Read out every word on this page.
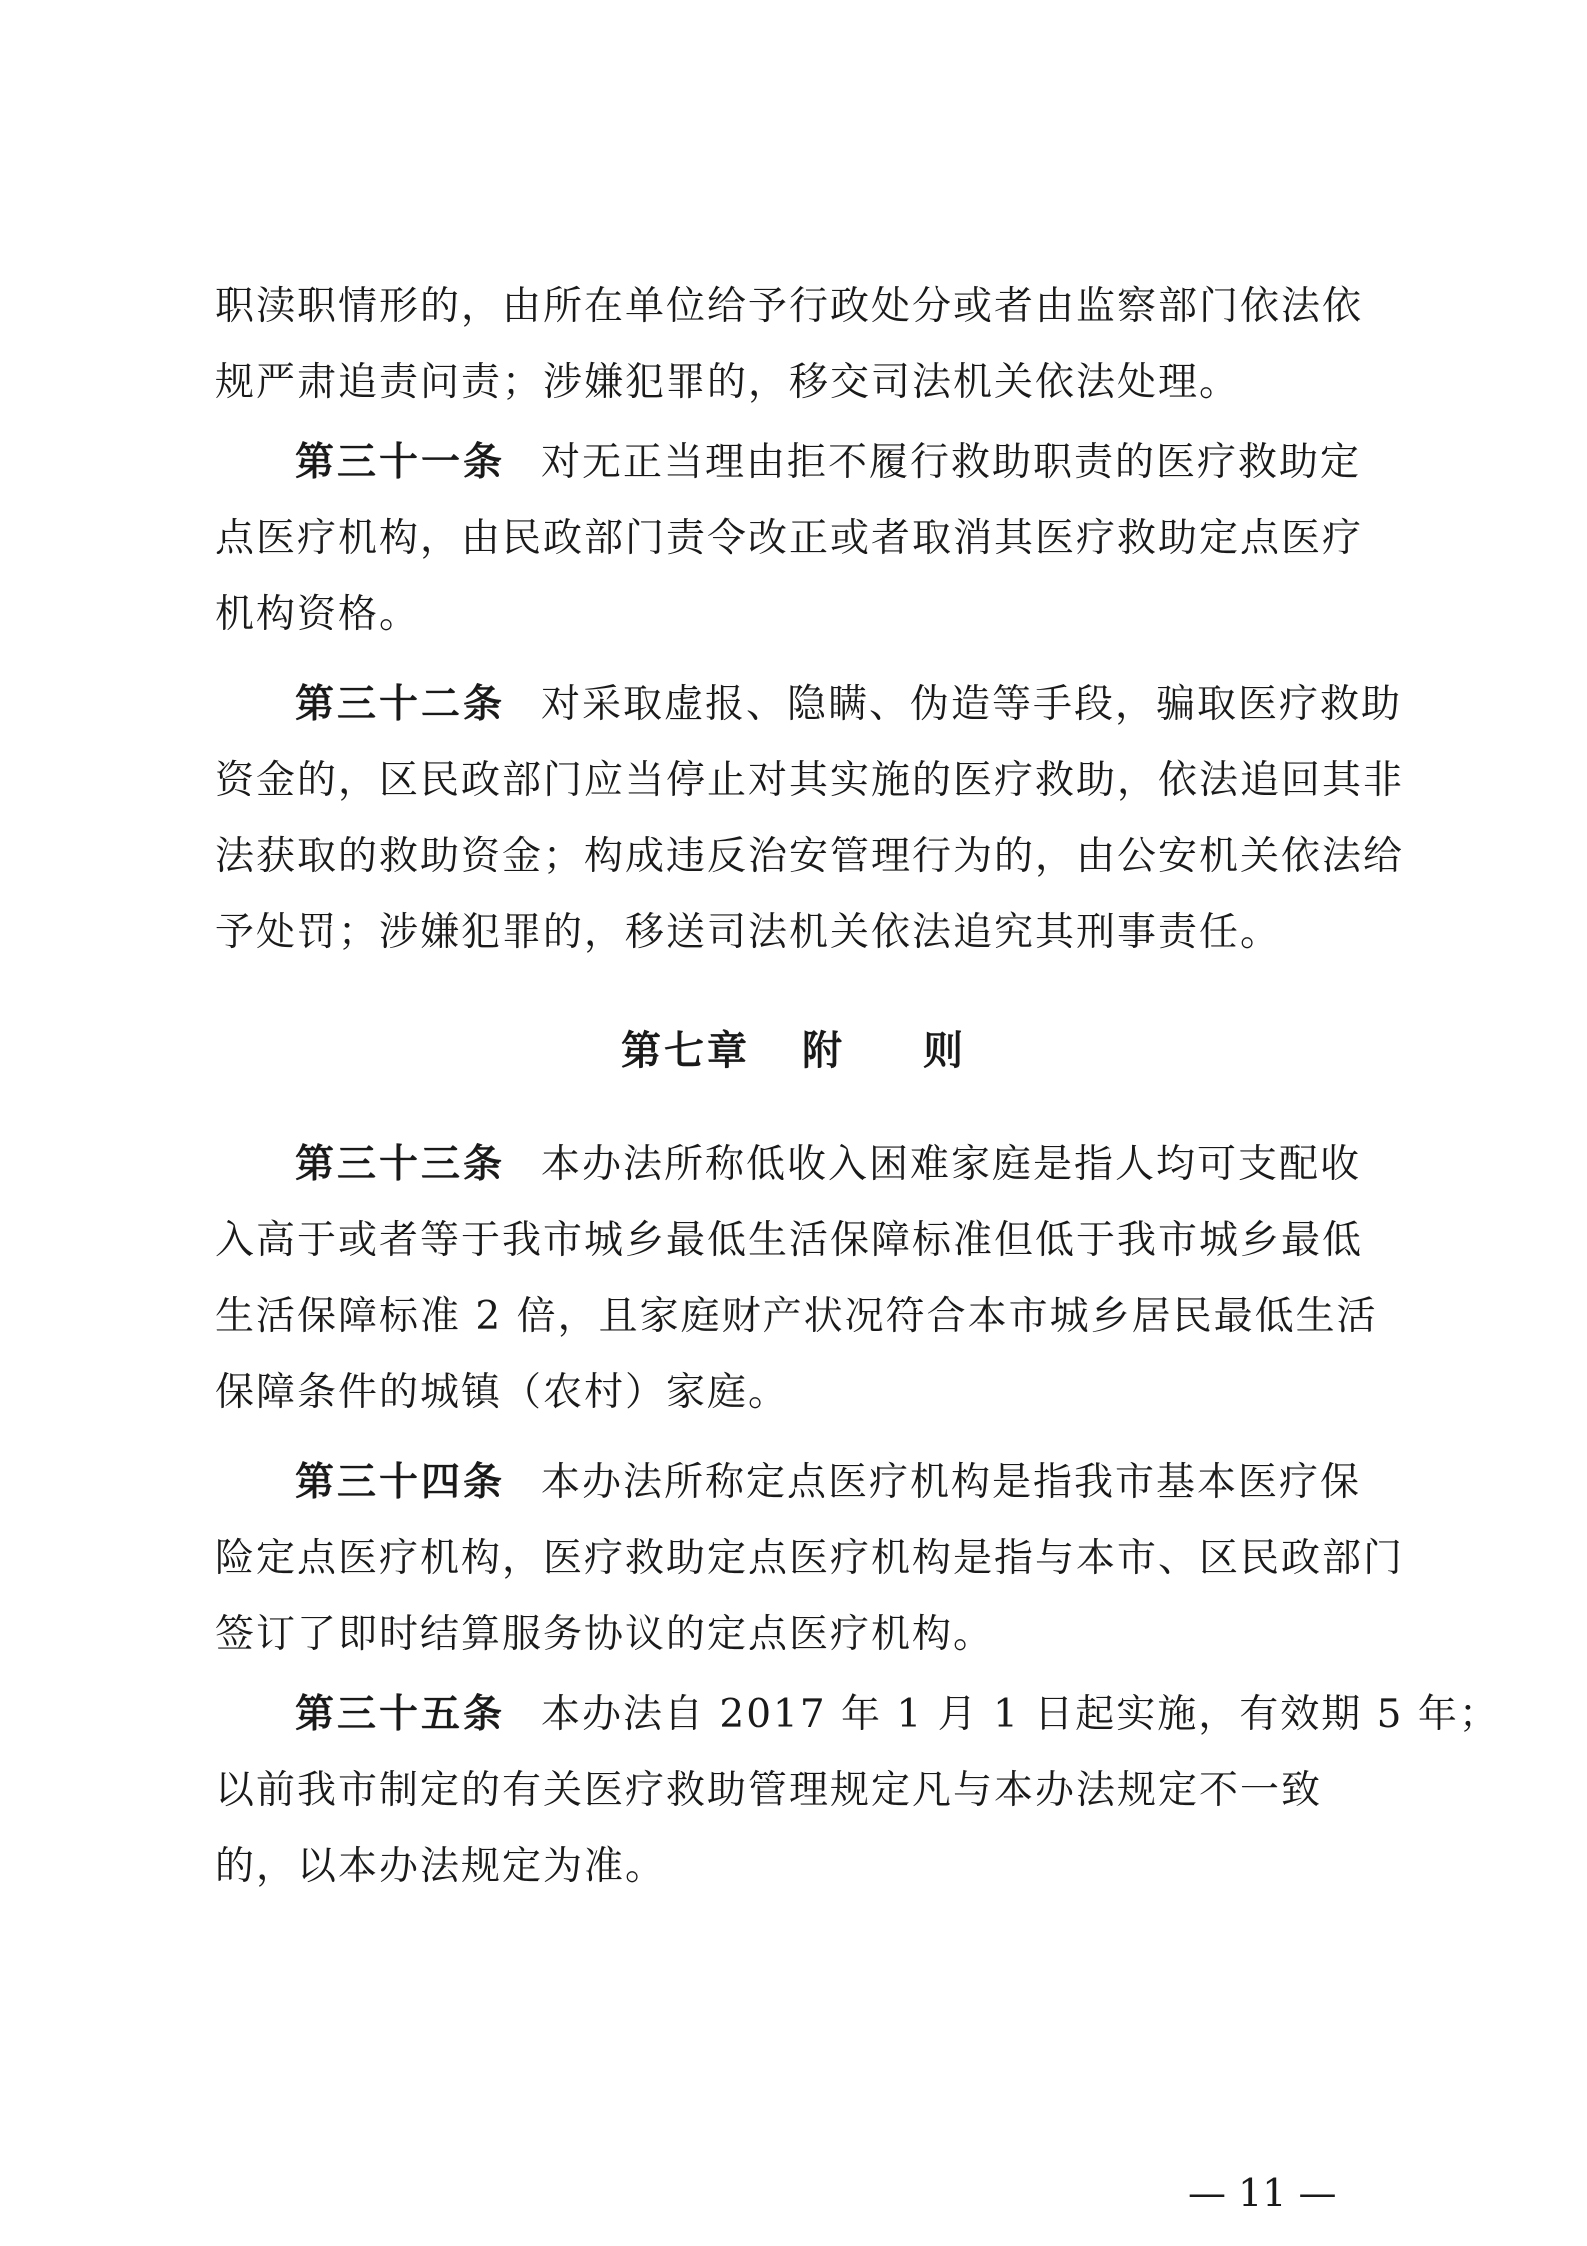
职渎职情形的，由所在单位给予行政处分或者由监察部门依法依
规严肃追责问责；涉嫌犯罪的，移交司法机关依法处理。
第三十一条 对无正当理由拒不履行救助职责的医疗救助定
点医疗机构，由民政部门责令改正或者取消其医疗救助定点医疗
机构资格。
第三十二条 对采取虚报、隐瞒、伪造等手段，骗取医疗救助
资金的，区民政部门应当停止对其实施的医疗救助，依法追回其非
法获取的救助资金；构成违反治安管理行为的，由公安机关依法给
予处罚；涉嫌犯罪的，移送司法机关依法追究其刑事责任。
第七章 附 则
第三十三条 本办法所称低收入困难家庭是指人均可支配收
入高于或者等于我市城乡最低生活保障标准但低于我市城乡最低
生活保障标准 2 倍，且家庭财产状况符合本市城乡居民最低生活
保障条件的城镇（农村）家庭。
第三十四条 本办法所称定点医疗机构是指我市基本医疗保
险定点医疗机构，医疗救助定点医疗机构是指与本市、区民政部门
签订了即时结算服务协议的定点医疗机构。
第三十五条 本办法自 2017 年 1 月 1 日起实施，有效期 5 年；
以前我市制定的有关医疗救助管理规定凡与本办法规定不一致
的，以本办法规定为准。
— 11 —
